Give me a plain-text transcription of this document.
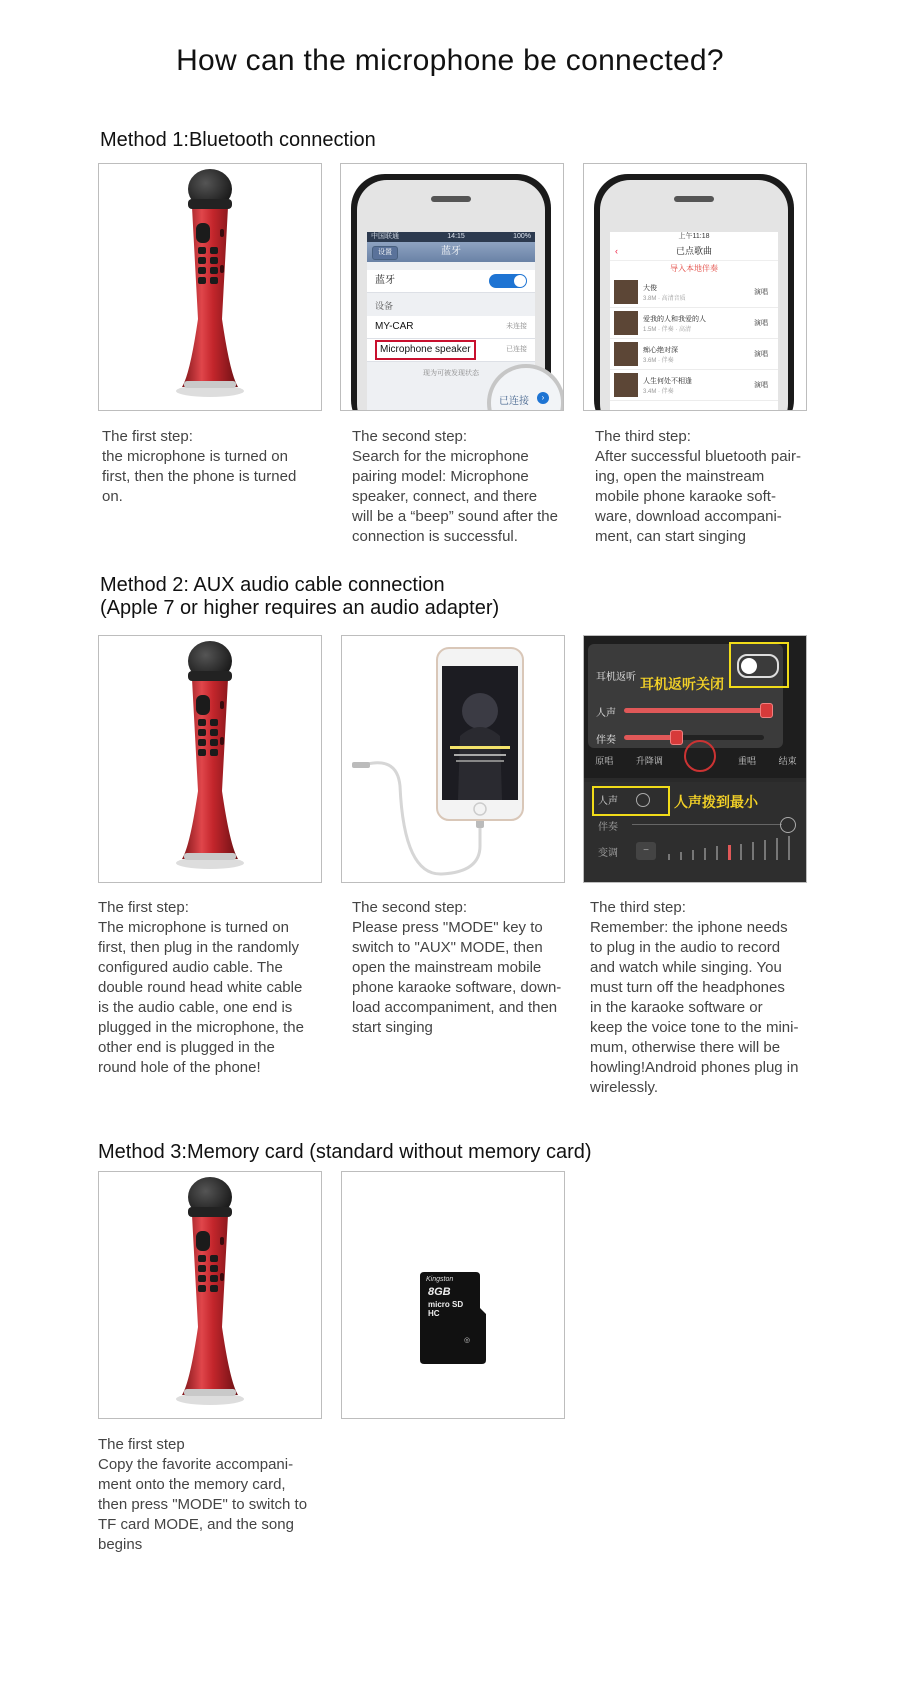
How can the microphone be connected?
Method 1:Bluetooth connection
中国联通	14:15	100%
设置	蓝牙
蓝牙
设备
MY-CAR	未连接
Microphone speaker	已连接
现为可被发现状态
已连接	›
上午11:18
‹	已点歌曲
导入本地伴奏
大俊
3.8M · 高清音质
演唱
爱我的人和我爱的人
1.5M · 伴奏 · 高清
演唱
痴心绝对深
3.6M · 伴奏
演唱
人生何处不相逢
3.4M · 伴奏
演唱
The first step:
the microphone is turned on
first, then the phone is turned
on.
The second step:
Search for the microphone
pairing model: Microphone
speaker, connect, and there
will be a “beep” sound after the
connection is successful.
The third step:
After successful bluetooth pair-
ing, open the mainstream
mobile phone karaoke soft-
ware, download accompani-
ment, can start singing
Method 2: AUX audio cable connection
(Apple 7 or higher requires an audio adapter)
耳机返听 耳机返听关闭
人声
伴奏
原唱	升降调	重唱	结束
人声	人声拨到最小
伴奏
变调	−
The first step:
The microphone is turned on
first, then plug in the randomly
configured audio cable. The
double round head white cable
is the audio cable, one end is
plugged in the microphone, the
other end is plugged in the
round hole of the phone!
The second step:
Please press "MODE" key to
switch to "AUX" MODE, then
open the mainstream mobile
phone karaoke software, down-
load accompaniment, and then
start singing
The third step:
Remember: the iphone needs
to plug in the audio to record
and watch while singing. You
must turn off the headphones
in the karaoke software or
keep the voice tone to the mini-
mum, otherwise there will be
howling!Android phones plug in
wirelessly.
Method 3:Memory card (standard without memory card)
Kingston
8GB
micro SD HC
◎
The first step
Copy the favorite accompani-
ment onto the memory card,
then press "MODE" to switch to
TF card MODE, and the song
begins
